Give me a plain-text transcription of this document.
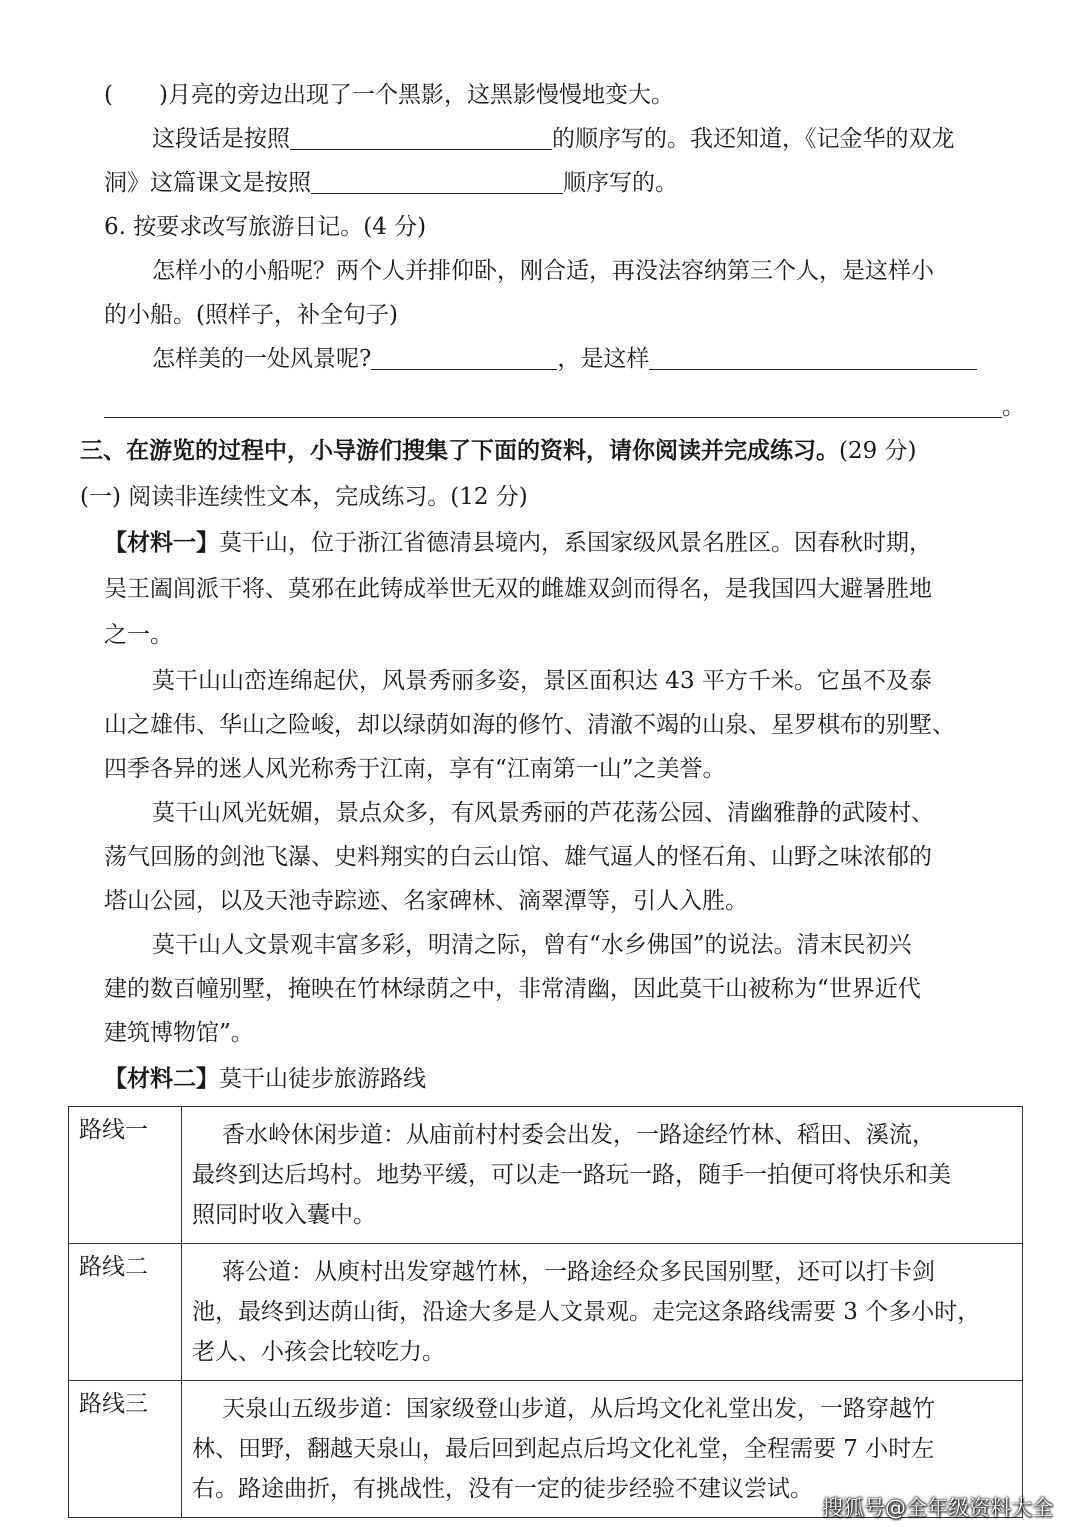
(　　)月亮的旁边出现了一个黑影，这黑影慢慢地变大。
这段话是按照	的顺序写的。我还知道，《记金华的双龙
洞》这篇课文是按照	顺序写的。
6. 按要求改写旅游日记。(4 分)
怎样小的小船呢？两个人并排仰卧，刚合适，再没法容纳第三个人，是这样小
的小船。(照样子，补全句子)
怎样美的一处风景呢?	，是这样
。
三、在游览的过程中，小导游们搜集了下面的资料，请你阅读并完成练习。(29 分)
(一) 阅读非连续性文本，完成练习。(12 分)
【材料一】莫干山，位于浙江省德清县境内，系国家级风景名胜区。因春秋时期，
吴王阖闾派干将、莫邪在此铸成举世无双的雌雄双剑而得名，是我国四大避暑胜地
之一。
莫干山山峦连绵起伏，风景秀丽多姿，景区面积达 43 平方千米。它虽不及泰
山之雄伟、华山之险峻，却以绿荫如海的修竹、清澈不竭的山泉、星罗棋布的别墅、
四季各异的迷人风光称秀于江南，享有“江南第一山”之美誉。
莫干山风光妩媚，景点众多，有风景秀丽的芦花荡公园、清幽雅静的武陵村、
荡气回肠的剑池飞瀑、史料翔实的白云山馆、雄气逼人的怪石角、山野之味浓郁的
塔山公园，以及天池寺踪迹、名家碑林、滴翠潭等，引人入胜。
莫干山人文景观丰富多彩，明清之际，曾有“水乡佛国”的说法。清末民初兴
建的数百幢别墅，掩映在竹林绿荫之中，非常清幽，因此莫干山被称为“世界近代
建筑博物馆”。
【材料二】莫干山徒步旅游路线
路线一	香水岭休闲步道：从庙前村村委会出发，一路途经竹林、稻田、溪流，
最终到达后坞村。地势平缓，可以走一路玩一路，随手一拍便可将快乐和美
照同时收入囊中。

路线二	蒋公道：从庾村出发穿越竹林，一路途经众多民国别墅，还可以打卡剑
池，最终到达荫山街，沿途大多是人文景观。走完这条路线需要 3 个多小时，
老人、小孩会比较吃力。

路线三	天泉山五级步道：国家级登山步道，从后坞文化礼堂出发，一路穿越竹
林、田野，翻越天泉山，最后回到起点后坞文化礼堂，全程需要 7 小时左
右。路途曲折，有挑战性，没有一定的徒步经验不建议尝试。
搜狐号@全年级资料大全
